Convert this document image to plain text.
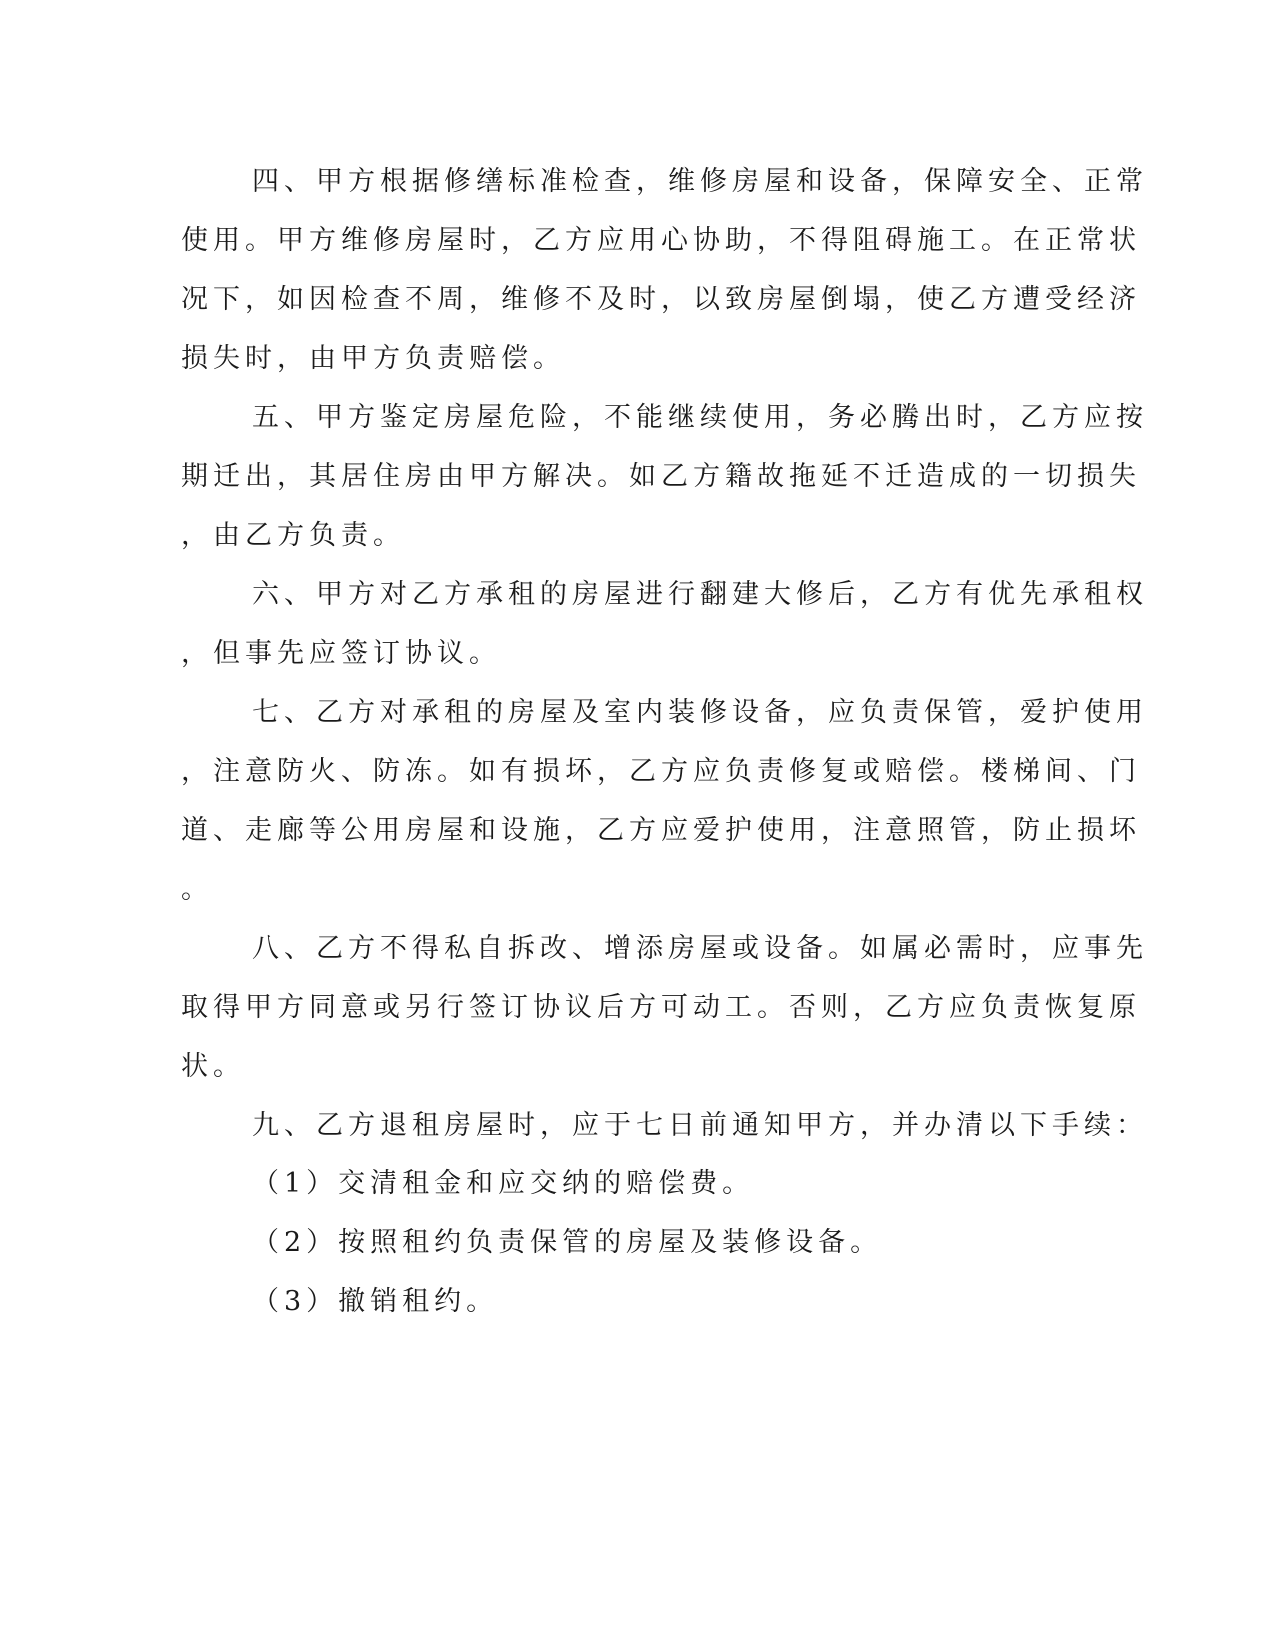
四、甲方根据修缮标准检查，维修房屋和设备，保障安全、正常
使用。甲方维修房屋时，乙方应用心协助，不得阻碍施工。在正常状
况下，如因检查不周，维修不及时，以致房屋倒塌，使乙方遭受经济
损失时，由甲方负责赔偿。
五、甲方鉴定房屋危险，不能继续使用，务必腾出时，乙方应按
期迁出，其居住房由甲方解决。如乙方籍故拖延不迁造成的一切损失
，由乙方负责。
六、甲方对乙方承租的房屋进行翻建大修后，乙方有优先承租权
，但事先应签订协议。
七、乙方对承租的房屋及室内装修设备，应负责保管，爱护使用
，注意防火、防冻。如有损坏，乙方应负责修复或赔偿。楼梯间、门
道、走廊等公用房屋和设施，乙方应爱护使用，注意照管，防止损坏
。
八、乙方不得私自拆改、增添房屋或设备。如属必需时，应事先
取得甲方同意或另行签订协议后方可动工。否则，乙方应负责恢复原
状。
九、乙方退租房屋时，应于七日前通知甲方，并办清以下手续：
（1）交清租金和应交纳的赔偿费。
（2）按照租约负责保管的房屋及装修设备。
（3）撤销租约。
